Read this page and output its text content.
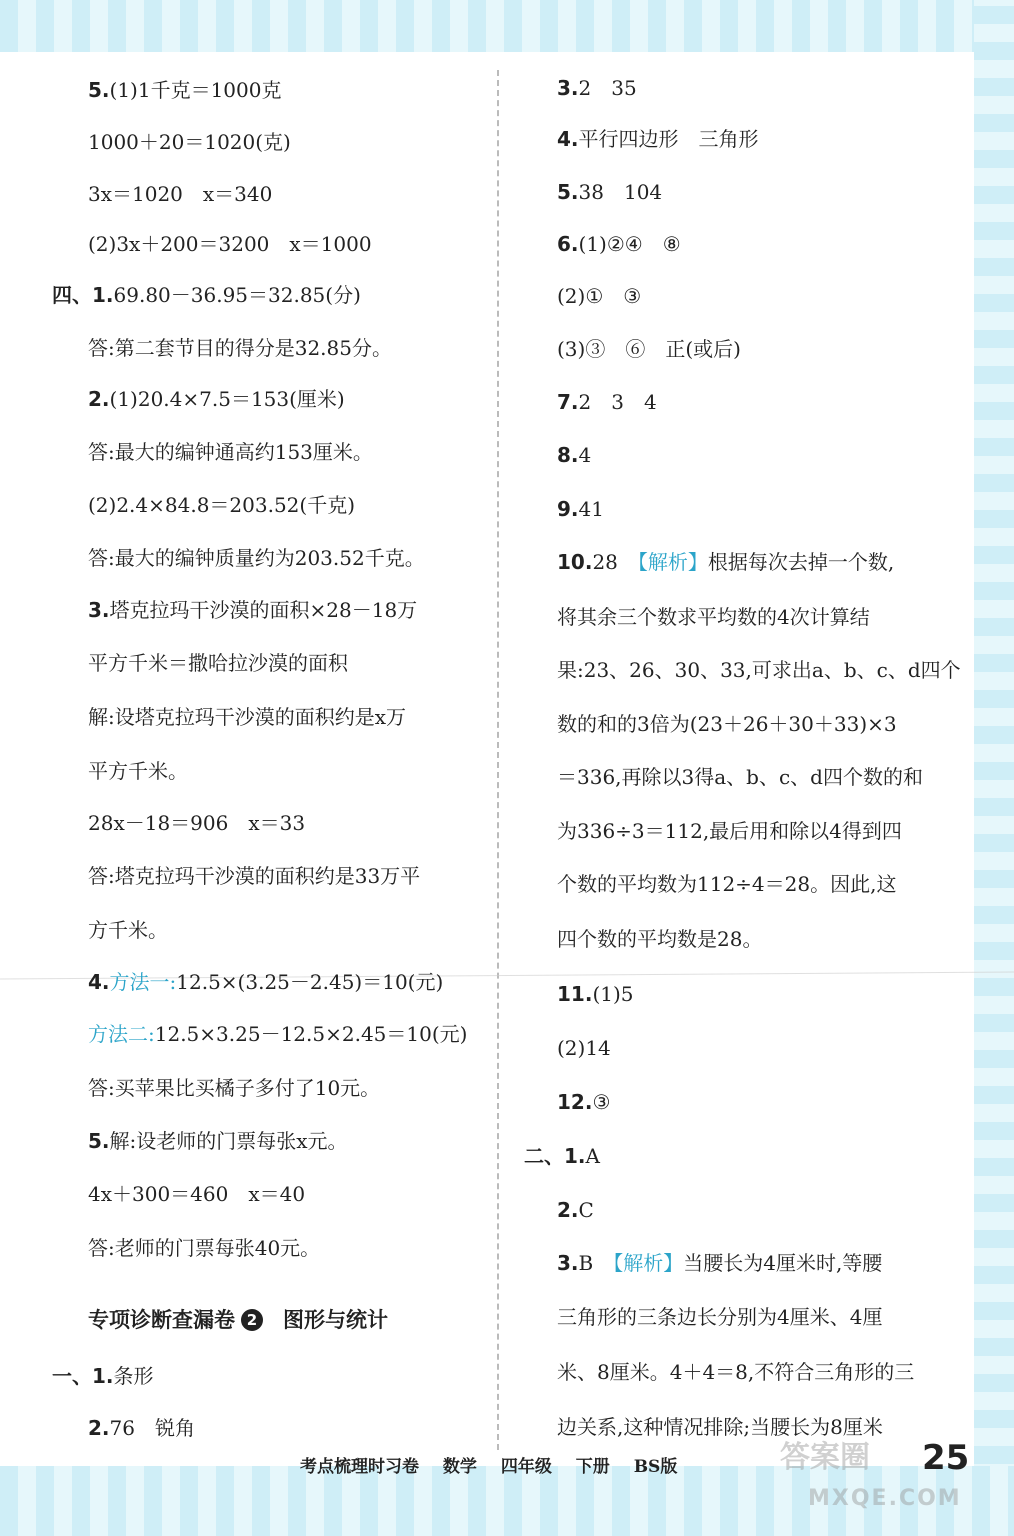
5.(1)1千克＝1000克
1000＋20＝1020(克)
3x＝1020　x＝340
(2)3x＋200＝3200　x＝1000
四、1.69.80－36.95＝32.85(分)
答:第二套节目的得分是32.85分。
2.(1)20.4×7.5＝153(厘米)
答:最大的编钟通高约153厘米。
(2)2.4×84.8＝203.52(千克)
答:最大的编钟质量约为203.52千克。
3.塔克拉玛干沙漠的面积×28－18万
平方千米＝撒哈拉沙漠的面积
解:设塔克拉玛干沙漠的面积约是x万
平方千米。
28x－18＝906　x＝33
答:塔克拉玛干沙漠的面积约是33万平
方千米。
4.方法一:12.5×(3.25－2.45)＝10(元)
方法二:12.5×3.25－12.5×2.45＝10(元)
答:买苹果比买橘子多付了10元。
5.解:设老师的门票每张x元。
4x＋300＝460　x＝40
答:老师的门票每张40元。
专项诊断查漏卷 2 图形与统计
一、1.条形
2.76　锐角
3.2　35
4.平行四边形　三角形
5.38　104
6.(1)②④　⑧
(2)①　③
(3)③　⑥　正(或后)
7.2　3　4
8.4
9.41
10.28　【解析】根据每次去掉一个数,
将其余三个数求平均数的4次计算结
果:23、26、30、33,可求出a、b、c、d四个
数的和的3倍为(23＋26＋30＋33)×3
＝336,再除以3得a、b、c、d四个数的和
为336÷3＝112,最后用和除以4得到四
个数的平均数为112÷4＝28。因此,这
四个数的平均数是28。
11.(1)5
(2)14
12.③
二、1.A
2.C
3.B　【解析】当腰长为4厘米时,等腰
三角形的三条边长分别为4厘米、4厘
米、8厘米。4＋4＝8,不符合三角形的三
边关系,这种情况排除;当腰长为8厘米
考点梳理时习卷 数学 四年级 下册 BS版	答案圈
MXQE.COM
25
